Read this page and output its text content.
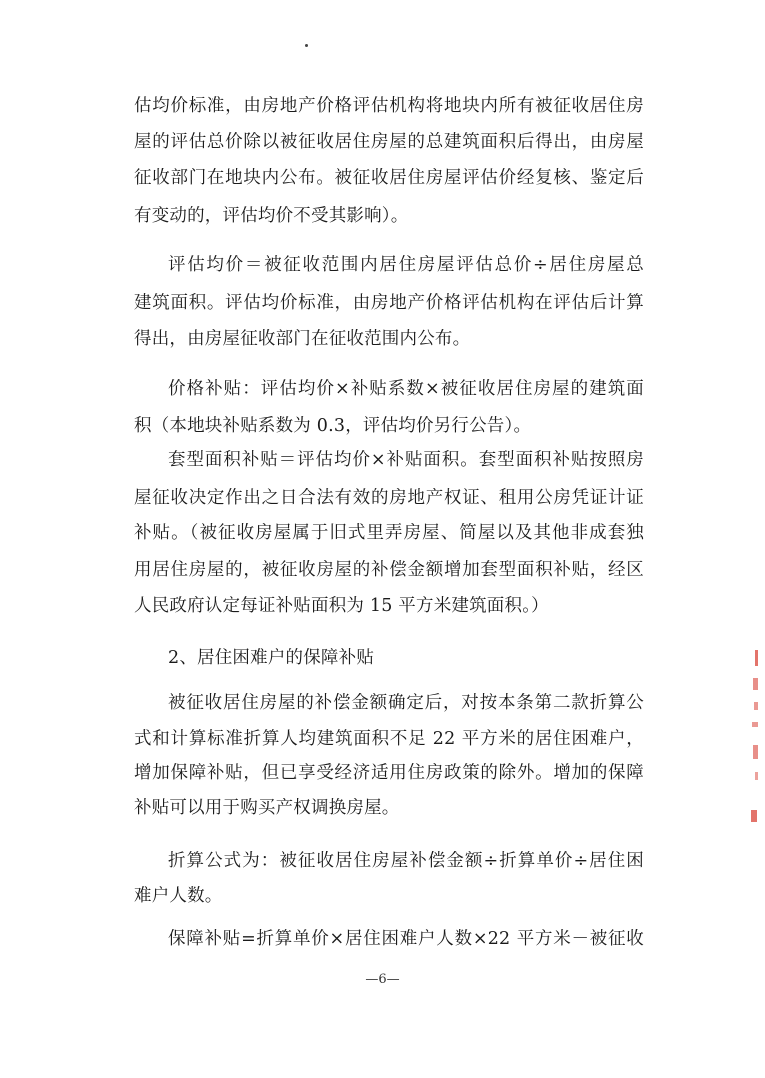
估均价标准，由房地产价格评估机构将地块内所有被征收居住房
屋的评估总价除以被征收居住房屋的总建筑面积后得出，由房屋
征收部门在地块内公布。被征收居住房屋评估价经复核、鉴定后
有变动的，评估均价不受其影响）。
评估均价＝被征收范围内居住房屋评估总价÷居住房屋总
建筑面积。评估均价标准，由房地产价格评估机构在评估后计算
得出，由房屋征收部门在征收范围内公布。
价格补贴：评估均价×补贴系数×被征收居住房屋的建筑面
积（本地块补贴系数为 0.3，评估均价另行公告）。
套型面积补贴＝评估均价×补贴面积。套型面积补贴按照房
屋征收决定作出之日合法有效的房地产权证、租用公房凭证计证
补贴。（被征收房屋属于旧式里弄房屋、简屋以及其他非成套独
用居住房屋的，被征收房屋的补偿金额增加套型面积补贴，经区
人民政府认定每证补贴面积为 15 平方米建筑面积。）
2、居住困难户的保障补贴
被征收居住房屋的补偿金额确定后，对按本条第二款折算公
式和计算标准折算人均建筑面积不足 22 平方米的居住困难户，
增加保障补贴，但已享受经济适用住房政策的除外。增加的保障
补贴可以用于购买产权调换房屋。
折算公式为：被征收居住房屋补偿金额÷折算单价÷居住困
难户人数。
保障补贴=折算单价×居住困难户人数×22 平方米－被征收
—6—
